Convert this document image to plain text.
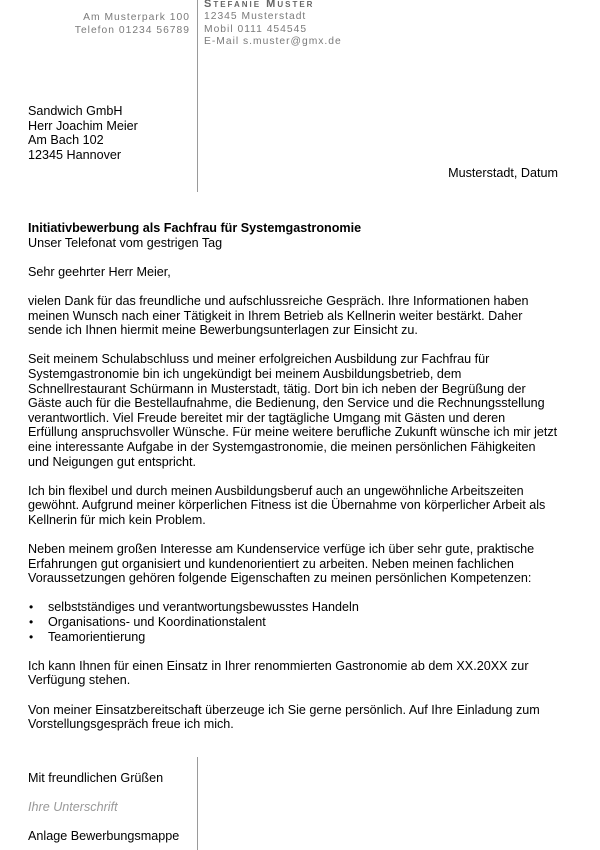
Am Musterpark 100
Telefon 01234 56789
Stefanie Muster
12345 Musterstadt
Mobil 0111 454545
E-Mail s.muster@gmx.de
Sandwich GmbH
Herr Joachim Meier
Am Bach 102
12345 Hannover
Musterstadt, Datum
Initiativbewerbung als Fachfrau für Systemgastronomie
Unser Telefonat vom gestrigen Tag
Sehr geehrter Herr Meier,
vielen Dank für das freundliche und aufschlussreiche Gespräch. Ihre Informationen haben
meinen Wunsch nach einer Tätigkeit in Ihrem Betrieb als Kellnerin weiter bestärkt. Daher
sende ich Ihnen hiermit meine Bewerbungsunterlagen zur Einsicht zu.
Seit meinem Schulabschluss und meiner erfolgreichen Ausbildung zur Fachfrau für
Systemgastronomie bin ich ungekündigt bei meinem Ausbildungsbetrieb, dem
Schnellrestaurant Schürmann in Musterstadt, tätig. Dort bin ich neben der Begrüßung der
Gäste auch für die Bestellaufnahme, die Bedienung, den Service und die Rechnungsstellung
verantwortlich. Viel Freude bereitet mir der tagtägliche Umgang mit Gästen und deren
Erfüllung anspruchsvoller Wünsche. Für meine weitere berufliche Zukunft wünsche ich mir jetzt
eine interessante Aufgabe in der Systemgastronomie, die meinen persönlichen Fähigkeiten
und Neigungen gut entspricht.
Ich bin flexibel und durch meinen Ausbildungsberuf auch an ungewöhnliche Arbeitszeiten
gewöhnt. Aufgrund meiner körperlichen Fitness ist die Übernahme von körperlicher Arbeit als
Kellnerin für mich kein Problem.
Neben meinem großen Interesse am Kundenservice verfüge ich über sehr gute, praktische
Erfahrungen gut organisiert und kundenorientiert zu arbeiten. Neben meinen fachlichen
Voraussetzungen gehören folgende Eigenschaften zu meinen persönlichen Kompetenzen:
• selbstständiges und verantwortungsbewusstes Handeln
• Organisations- und Koordinationstalent
• Teamorientierung
Ich kann Ihnen für einen Einsatz in Ihrer renommierten Gastronomie ab dem XX.20XX zur
Verfügung stehen.
Von meiner Einsatzbereitschaft überzeuge ich Sie gerne persönlich. Auf Ihre Einladung zum
Vorstellungsgespräch freue ich mich.
Mit freundlichen Grüßen
Ihre Unterschrift
Anlage Bewerbungsmappe
